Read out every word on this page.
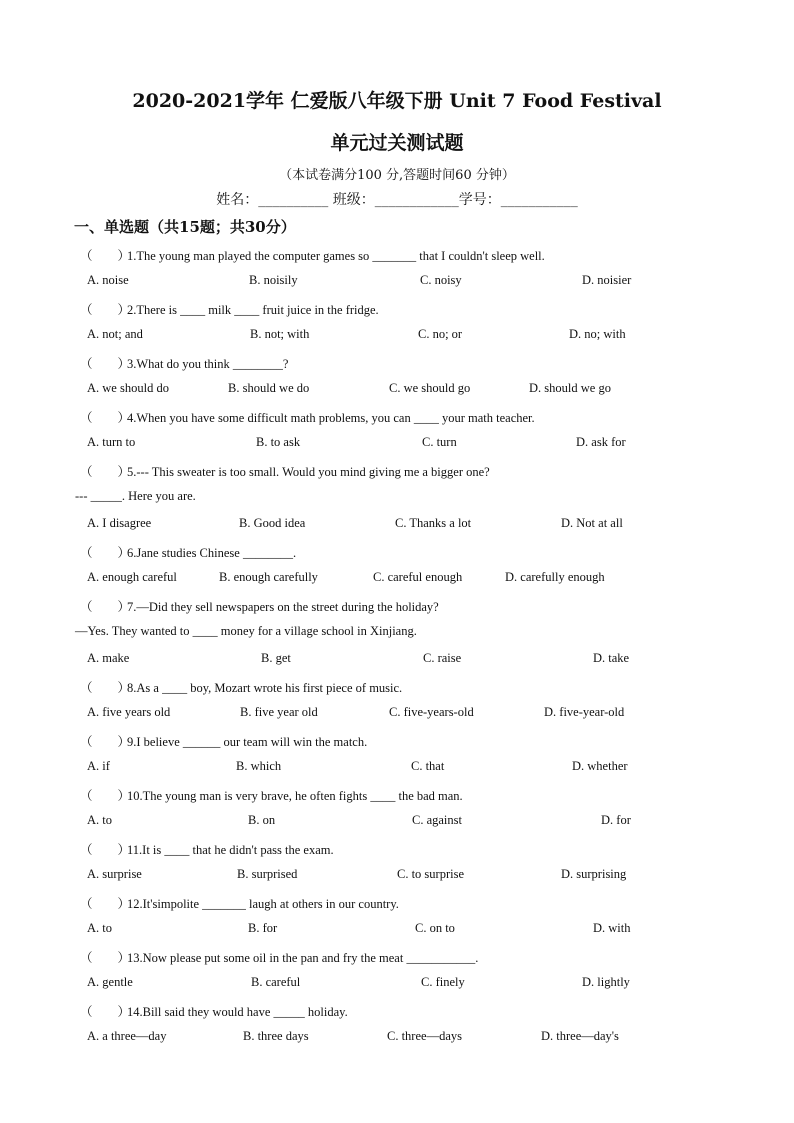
2020-2021学年 仁爱版八年级下册 Unit 7 Food Festival
单元过关测试题
（本试卷满分100 分,答题时间60 分钟）
姓名：__________ 班级：____________学号：___________
一、单选题（共15题；共30分）
（　　）1.The young man played the computer games so _______ that I couldn't sleep well.
A. noise	B. noisily	C. noisy	D. noisier
（　　）2.There is ____ milk ____ fruit juice in the fridge.
A. not; and	B. not; with	C. no; or	D. no; with
（　　）3.What do you think ________?
A. we should do	B. should we do	C. we should go	D. should we go
（　　）4.When you have some difficult math problems, you can ____ your math teacher.
A. turn to	B. to ask	C. turn	D. ask for
（　　）5.--- This sweater is too small. Would you mind giving me a bigger one?
--- _____. Here you are.
A. I disagree	B. Good idea	C. Thanks a lot	D. Not at all
（　　）6.Jane studies Chinese ________.
A. enough careful	B. enough carefully	C. careful enough	D. carefully enough
（　　）7.—Did they sell newspapers on the street during the holiday?
—Yes. They wanted to ____ money for a village school in Xinjiang.
A. make	B. get	C. raise	D. take
（　　）8.As a ____ boy, Mozart wrote his first piece of music.
A. five years old	B. five year old	C. five-years-old	D. five-year-old
（　　）9.I believe ______ our team will win the match.
A. if	B. which	C. that	D. whether
（　　）10.The young man is very brave, he often fights ____ the bad man.
A. to	B. on	C. against	D. for
（　　）11.It is ____ that he didn't pass the exam.
A. surprise	B. surprised	C. to surprise	D. surprising
（　　）12.It'simpolite _______ laugh at others in our country.
A. to	B. for	C. on to	D. with
（　　）13.Now please put some oil in the pan and fry the meat ___________.
A. gentle	B. careful	C. finely	D. lightly
（　　）14.Bill said they would have _____ holiday.
A. a three—day	B. three days	C. three—days	D. three—day's
